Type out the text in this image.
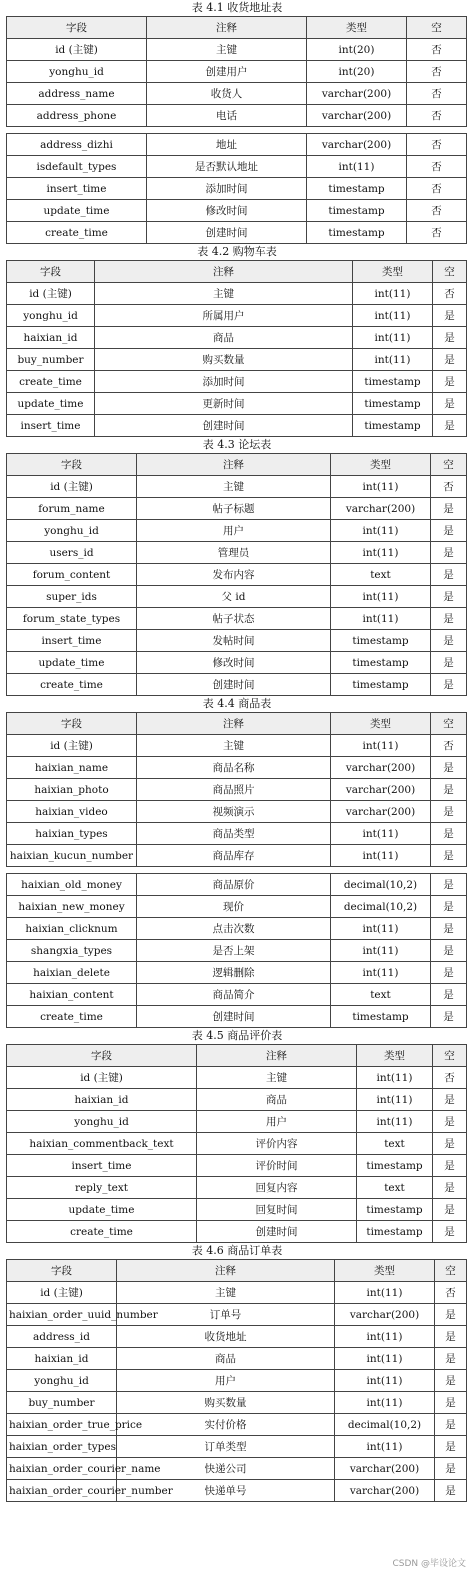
表 4.1 收货地址表
字段	注释	类型	空
id (主键)	主键	int(20)	否
yonghu_id	创建用户	int(20)	否
address_name	收货人	varchar(200)	否
address_phone	电话	varchar(200)	否
address_dizhi	地址	varchar(200)	否
isdefault_types	是否默认地址	int(11)	否
insert_time	添加时间	timestamp	否
update_time	修改时间	timestamp	否
create_time	创建时间	timestamp	否
表 4.2 购物车表
字段	注释	类型	空
id (主键)	主键	int(11)	否
yonghu_id	所属用户	int(11)	是
haixian_id	商品	int(11)	是
buy_number	购买数量	int(11)	是
create_time	添加时间	timestamp	是
update_time	更新时间	timestamp	是
insert_time	创建时间	timestamp	是
表 4.3 论坛表
字段	注释	类型	空
id (主键)	主键	int(11)	否
forum_name	帖子标题	varchar(200)	是
yonghu_id	用户	int(11)	是
users_id	管理员	int(11)	是
forum_content	发布内容	text	是
super_ids	父 id	int(11)	是
forum_state_types	帖子状态	int(11)	是
insert_time	发帖时间	timestamp	是
update_time	修改时间	timestamp	是
create_time	创建时间	timestamp	是
表 4.4 商品表
字段	注释	类型	空
id (主键)	主键	int(11)	否
haixian_name	商品名称	varchar(200)	是
haixian_photo	商品照片	varchar(200)	是
haixian_video	视频演示	varchar(200)	是
haixian_types	商品类型	int(11)	是
haixian_kucun_number	商品库存	int(11)	是
haixian_old_money	商品原价	decimal(10,2)	是
haixian_new_money	现价	decimal(10,2)	是
haixian_clicknum	点击次数	int(11)	是
shangxia_types	是否上架	int(11)	是
haixian_delete	逻辑删除	int(11)	是
haixian_content	商品简介	text	是
create_time	创建时间	timestamp	是
表 4.5 商品评价表
字段	注释	类型	空
id (主键)	主键	int(11)	否
haixian_id	商品	int(11)	是
yonghu_id	用户	int(11)	是
haixian_commentback_text	评价内容	text	是
insert_time	评价时间	timestamp	是
reply_text	回复内容	text	是
update_time	回复时间	timestamp	是
create_time	创建时间	timestamp	是
表 4.6 商品订单表
字段	注释	类型	空
id (主键)	主键	int(11)	否
haixian_order_uuid_number	订单号	varchar(200)	是
address_id	收货地址	int(11)	是
haixian_id	商品	int(11)	是
yonghu_id	用户	int(11)	是
buy_number	购买数量	int(11)	是
haixian_order_true_price	实付价格	decimal(10,2)	是
haixian_order_types	订单类型	int(11)	是
haixian_order_courier_name	快递公司	varchar(200)	是
haixian_order_courier_number	快递单号	varchar(200)	是
CSDN @毕设论文
